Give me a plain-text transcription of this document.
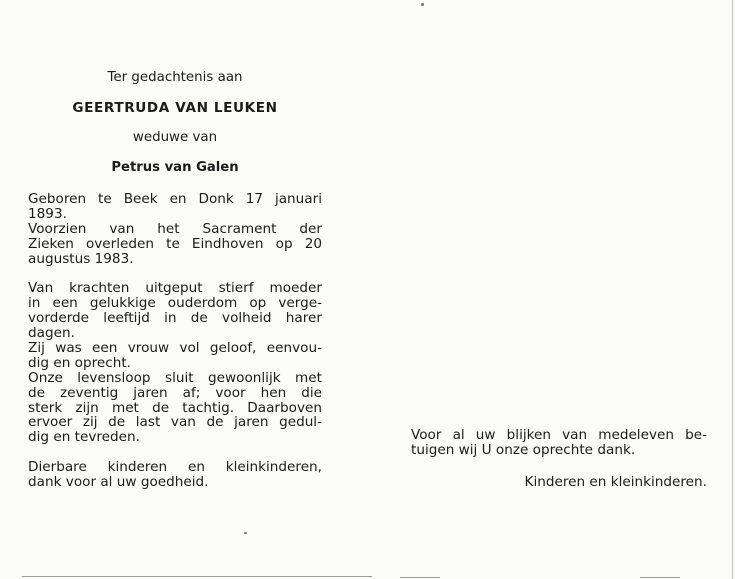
Ter gedachtenis aan
GEERTRUDA VAN LEUKEN
weduwe van
Petrus van Galen
Geboren te Beek en Donk 17 januari
1893.
Voorzien van het Sacrament der
Zieken overleden te Eindhoven op 20
augustus 1983.
Van krachten uitgeput stierf moeder
in een gelukkige ouderdom op verge-
vorderde leeftijd in de volheid harer
dagen.
Zij was een vrouw vol geloof, eenvou-
dig en oprecht.
Onze levensloop sluit gewoonlijk met
de zeventig jaren af; voor hen die
sterk zijn met de tachtig. Daarboven
ervoer zij de last van de jaren gedul-
dig en tevreden.
Dierbare kinderen en kleinkinderen,
dank voor al uw goedheid.
Voor al uw blijken van medeleven be-
tuigen wij U onze oprechte dank.
Kinderen en kleinkinderen.
